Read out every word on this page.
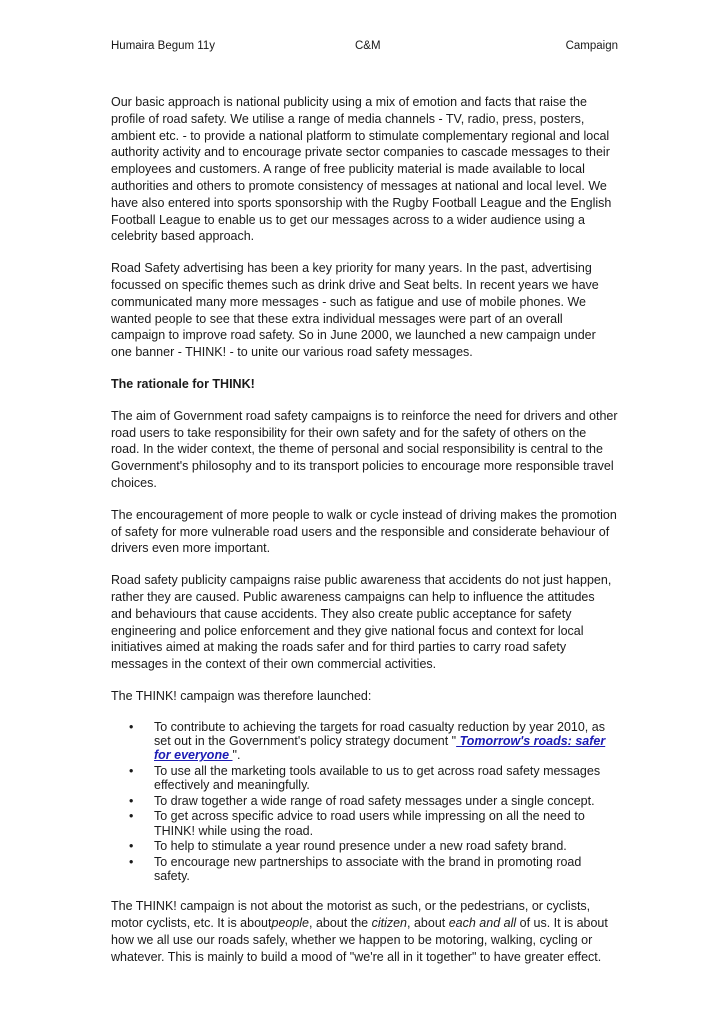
Humaira Begum 11y	C&M	Campaign

Our basic approach is national publicity using a mix of emotion and facts that raise the profile of road safety. We utilise a range of media channels - TV, radio, press, posters, ambient etc. - to provide a national platform to stimulate complementary regional and local authority activity and to encourage private sector companies to cascade messages to their employees and customers. A range of free publicity material is made available to local authorities and others to promote consistency of messages at national and local level. We have also entered into sports sponsorship with the Rugby Football League and the English Football League to enable us to get our messages across to a wider audience using a celebrity based approach.

Road Safety advertising has been a key priority for many years. In the past, advertising focussed on specific themes such as drink drive and Seat belts. In recent years we have communicated many more messages - such as fatigue and use of mobile phones. We wanted people to see that these extra individual messages were part of an overall campaign to improve road safety. So in June 2000, we launched a new campaign under one banner - THINK! - to unite our various road safety messages.

The rationale for THINK!

The aim of Government road safety campaigns is to reinforce the need for drivers and other road users to take responsibility for their own safety and for the safety of others on the road. In the wider context, the theme of personal and social responsibility is central to the Government's philosophy and to its transport policies to encourage more responsible travel choices.

The encouragement of more people to walk or cycle instead of driving makes the promotion of safety for more vulnerable road users and the responsible and considerate behaviour of drivers even more important.

Road safety publicity campaigns raise public awareness that accidents do not just happen, rather they are caused. Public awareness campaigns can help to influence the attitudes and behaviours that cause accidents. They also create public acceptance for safety engineering and police enforcement and they give national focus and context for local initiatives aimed at making the roads safer and for third parties to carry road safety messages in the context of their own commercial activities.

The THINK! campaign was therefore launched:

• To contribute to achieving the targets for road casualty reduction by year 2010, as set out in the Government's policy strategy document " Tomorrow's roads: safer for everyone ".
• To use all the marketing tools available to us to get across road safety messages effectively and meaningfully.
• To draw together a wide range of road safety messages under a single concept.
• To get across specific advice to road users while impressing on all the need to THINK! while using the road.
• To help to stimulate a year round presence under a new road safety brand.
• To encourage new partnerships to associate with the brand in promoting road safety.

The THINK! campaign is not about the motorist as such, or the pedestrians, or cyclists, motor cyclists, etc. It is aboutpeople, about the citizen, about each and all of us. It is about how we all use our roads safely, whether we happen to be motoring, walking, cycling or whatever. This is mainly to build a mood of "we're all in it together" to have greater effect.
